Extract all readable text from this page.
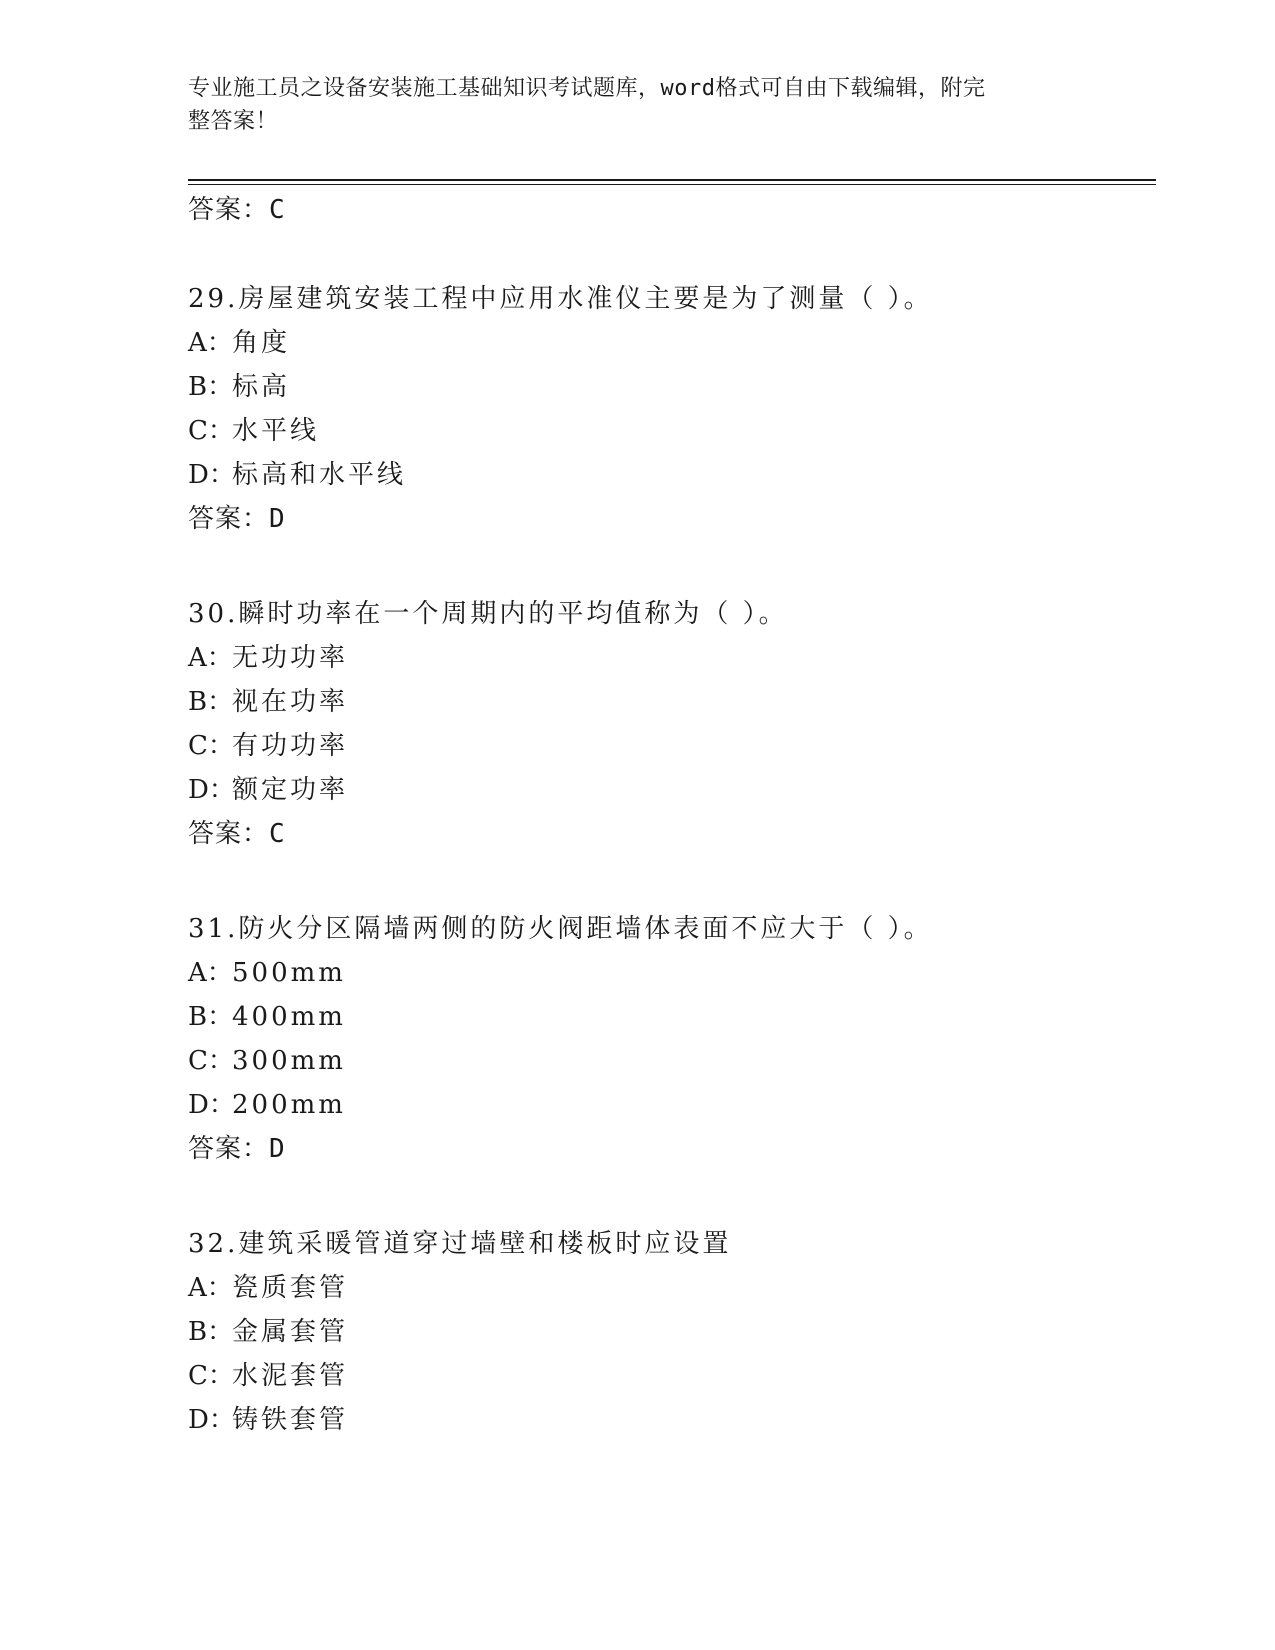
专业施工员之设备安装施工基础知识考试题库，word格式可自由下载编辑，附完
整答案！
答案：C
29.房屋建筑安装工程中应用水准仪主要是为了测量（ ）。
A：角度
B：标高
C：水平线
D：标高和水平线
答案：D
30.瞬时功率在一个周期内的平均值称为（ ）。
A：无功功率
B：视在功率
C：有功功率
D：额定功率
答案：C
31.防火分区隔墙两侧的防火阀距墙体表面不应大于（ ）。
A：500mm
B：400mm
C：300mm
D：200mm
答案：D
32.建筑采暖管道穿过墙壁和楼板时应设置
A：瓷质套管
B：金属套管
C：水泥套管
D：铸铁套管
